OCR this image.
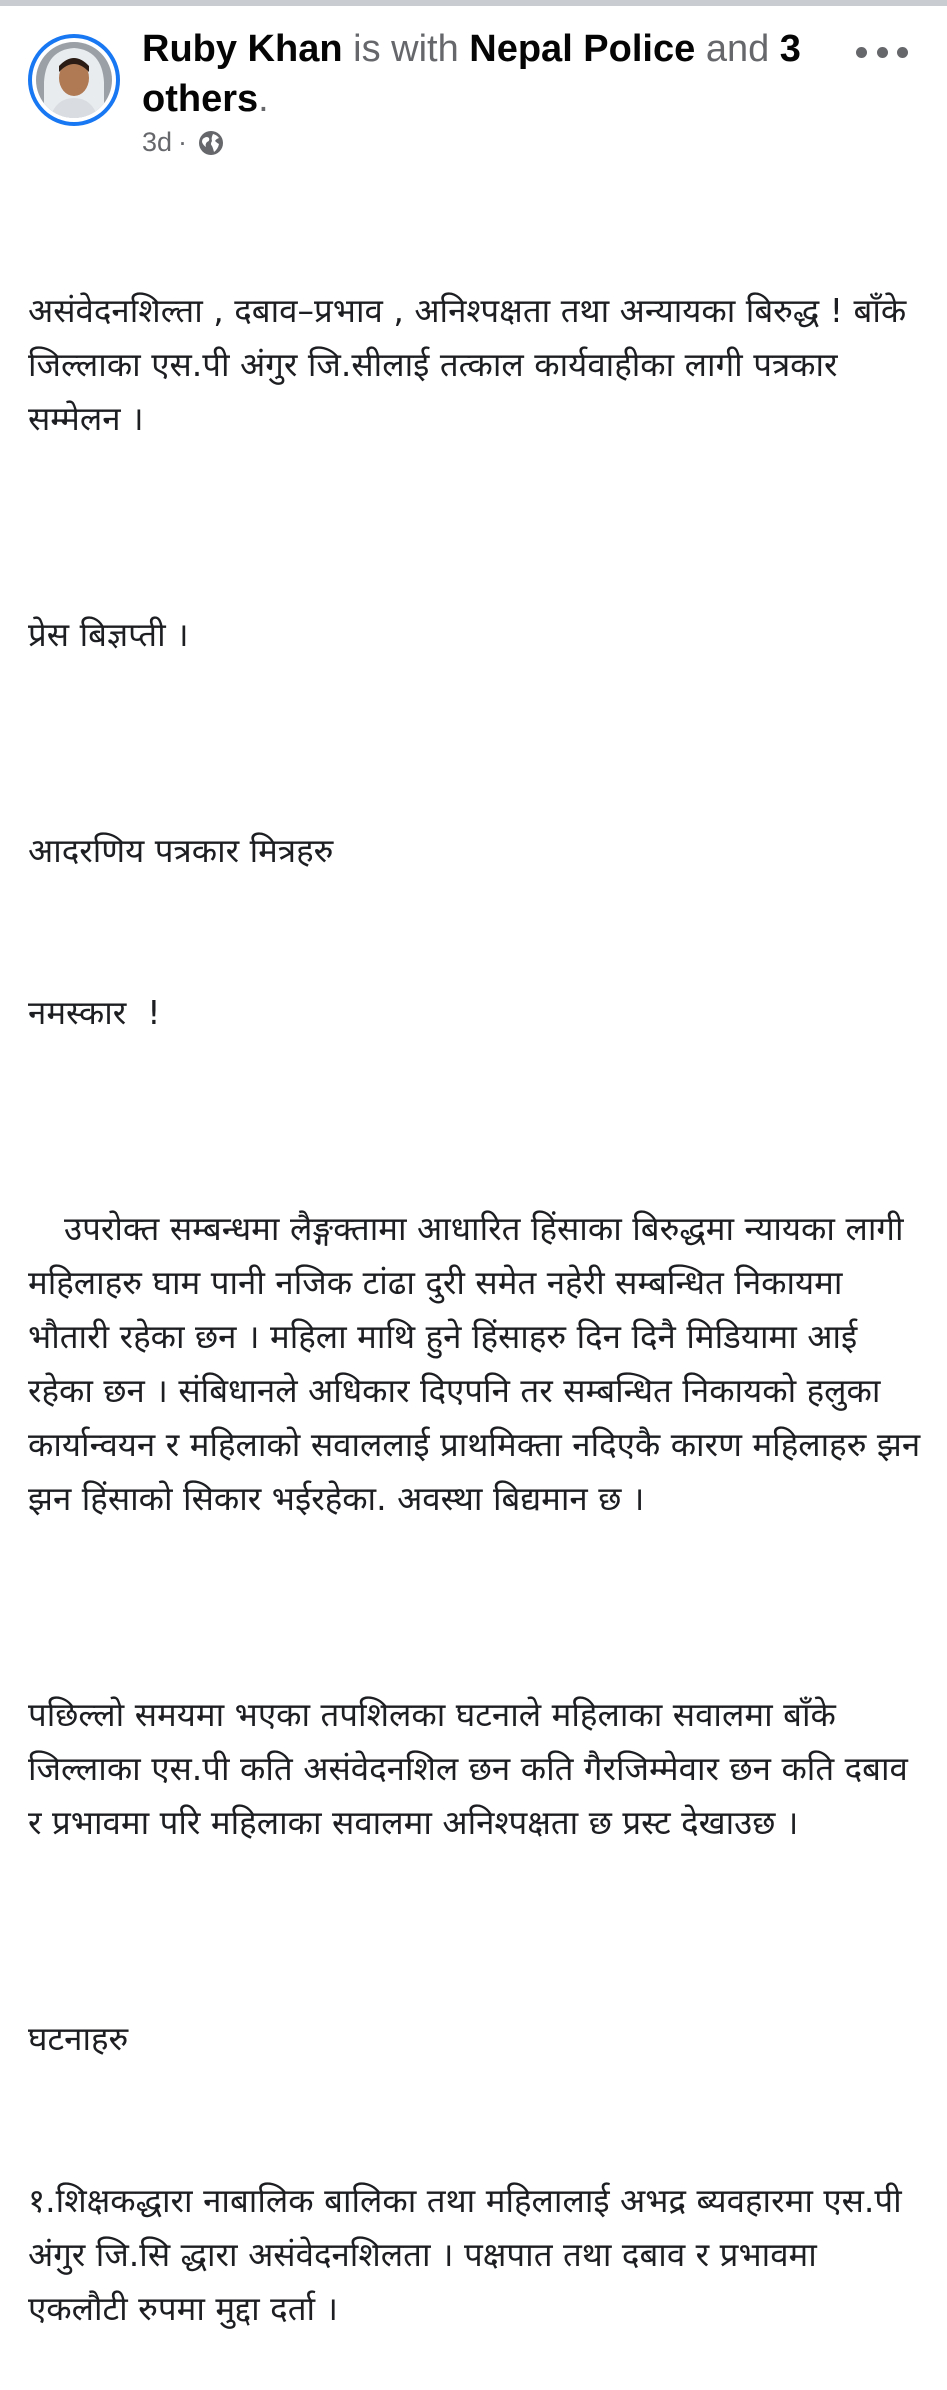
Ruby Khan is with Nepal Police and 3 others.
3d ·

असंवेदनशिल्ता , दबाव–प्रभाव , अनिश्पक्षता तथा अन्यायका बिरुद्ध ! बाँके जिल्लाका एस.पी अंगुर जि.सीलाई तत्काल कार्यवाहीका लागी पत्रकार सम्मेलन ।

प्रेस बिज्ञप्ती ।

आदरणिय पत्रकार मित्रहरु

नमस्कार  !

उपरोक्त सम्बन्धमा लैङ्गक्तामा आधारित हिंसाका बिरुद्धमा न्यायका लागी महिलाहरु घाम पानी नजिक टांढा दुरी समेत नहेरी सम्बन्धित निकायमा भौतारी रहेका छन । महिला माथि हुने हिंसाहरु दिन दिनै मिडियामा आई रहेका छन । संबिधानले अधिकार दिएपनि तर सम्बन्धित निकायको हलुका कार्यान्वयन र महिलाको सवाललाई प्राथमिक्ता नदिएकै कारण महिलाहरु झन झन हिंसाको सिकार भईरहेका. अवस्था बिद्यमान छ ।

पछिल्लो समयमा भएका तपशिलका घटनाले महिलाका सवालमा बाँके जिल्लाका एस.पी कति असंवेदनशिल छन कति गैरजिम्मेवार छन कति दबाव र प्रभावमा परि महिलाका सवालमा अनिश्पक्षता छ प्रस्ट देखाउछ ।

घटनाहरु

१.शिक्षकद्धारा नाबालिक बालिका तथा महिलालाई अभद्र ब्यवहारमा एस.पी अंगुर जि.सि द्धारा असंवेदनशिलता । पक्षपात तथा दबाव र प्रभावमा एकलौटी रुपमा मुद्दा दर्ता ।
